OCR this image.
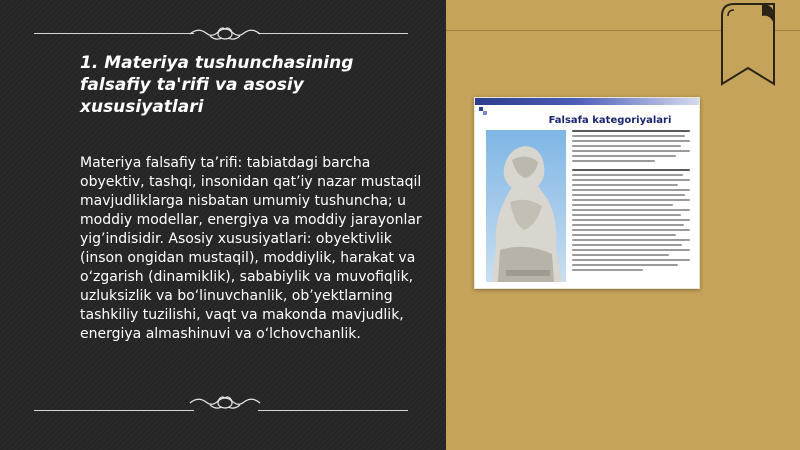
1. Materiya tushunchasining falsafiy ta'rifi va asosiy xususiyatlari

Materiya falsafiy ta’rifi: tabiatdagi barcha obyektiv, tashqi, insonidan qat’iy nazar mustaqil mavjudliklarga nisbatan umumiy tushuncha; u moddiy modellar, energiya va moddiy jarayonlar yig’indisidir. Asosiy xususiyatlari: obyektivlik (inson ongidan mustaqil), moddiylik, harakat va o‘zgarish (dinamiklik), sababiylik va muvofiqlik, uzluksizlik va bo‘linuvchanlik, ob’yektlarning tashkiliy tuzilishi, vaqt va makonda mavjudlik, energiya almashinuvi va o‘lchovchanlik.

Falsafa kategoriyalari
